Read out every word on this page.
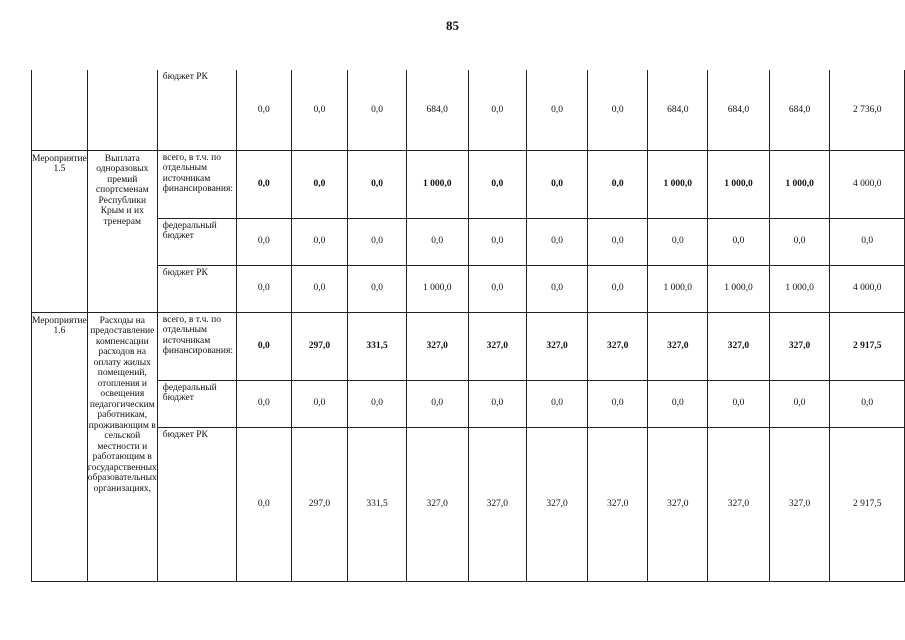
85
		бюджет РК	0,0	0,0	0,0	684,0	0,0	0,0	0,0	684,0	684,0	684,0	2 736,0
Мероприятие 1.5	Выплата одноразовых премий спортсменам Республики Крым и их тренерам	всего, в т.ч. по отдельным источникам финансирования:	0,0	0,0	0,0	1 000,0	0,0	0,0	0,0	1 000,0	1 000,0	1 000,0	4 000,0
		федеральный бюджет	0,0	0,0	0,0	0,0	0,0	0,0	0,0	0,0	0,0	0,0	0,0
		бюджет РК	0,0	0,0	0,0	1 000,0	0,0	0,0	0,0	1 000,0	1 000,0	1 000,0	4 000,0
Мероприятие 1.6	Расходы на предоставление компенсации расходов на оплату жилых помещений, отопления и освещения педагогическим работникам, проживающим в сельской местности и работающим в государственных образовательных организациях,	всего, в т.ч. по отдельным источникам финансирования:	0,0	297,0	331,5	327,0	327,0	327,0	327,0	327,0	327,0	327,0	2 917,5
		федеральный бюджет	0,0	0,0	0,0	0,0	0,0	0,0	0,0	0,0	0,0	0,0	0,0
		бюджет РК	0,0	297,0	331,5	327,0	327,0	327,0	327,0	327,0	327,0	327,0	2 917,5
